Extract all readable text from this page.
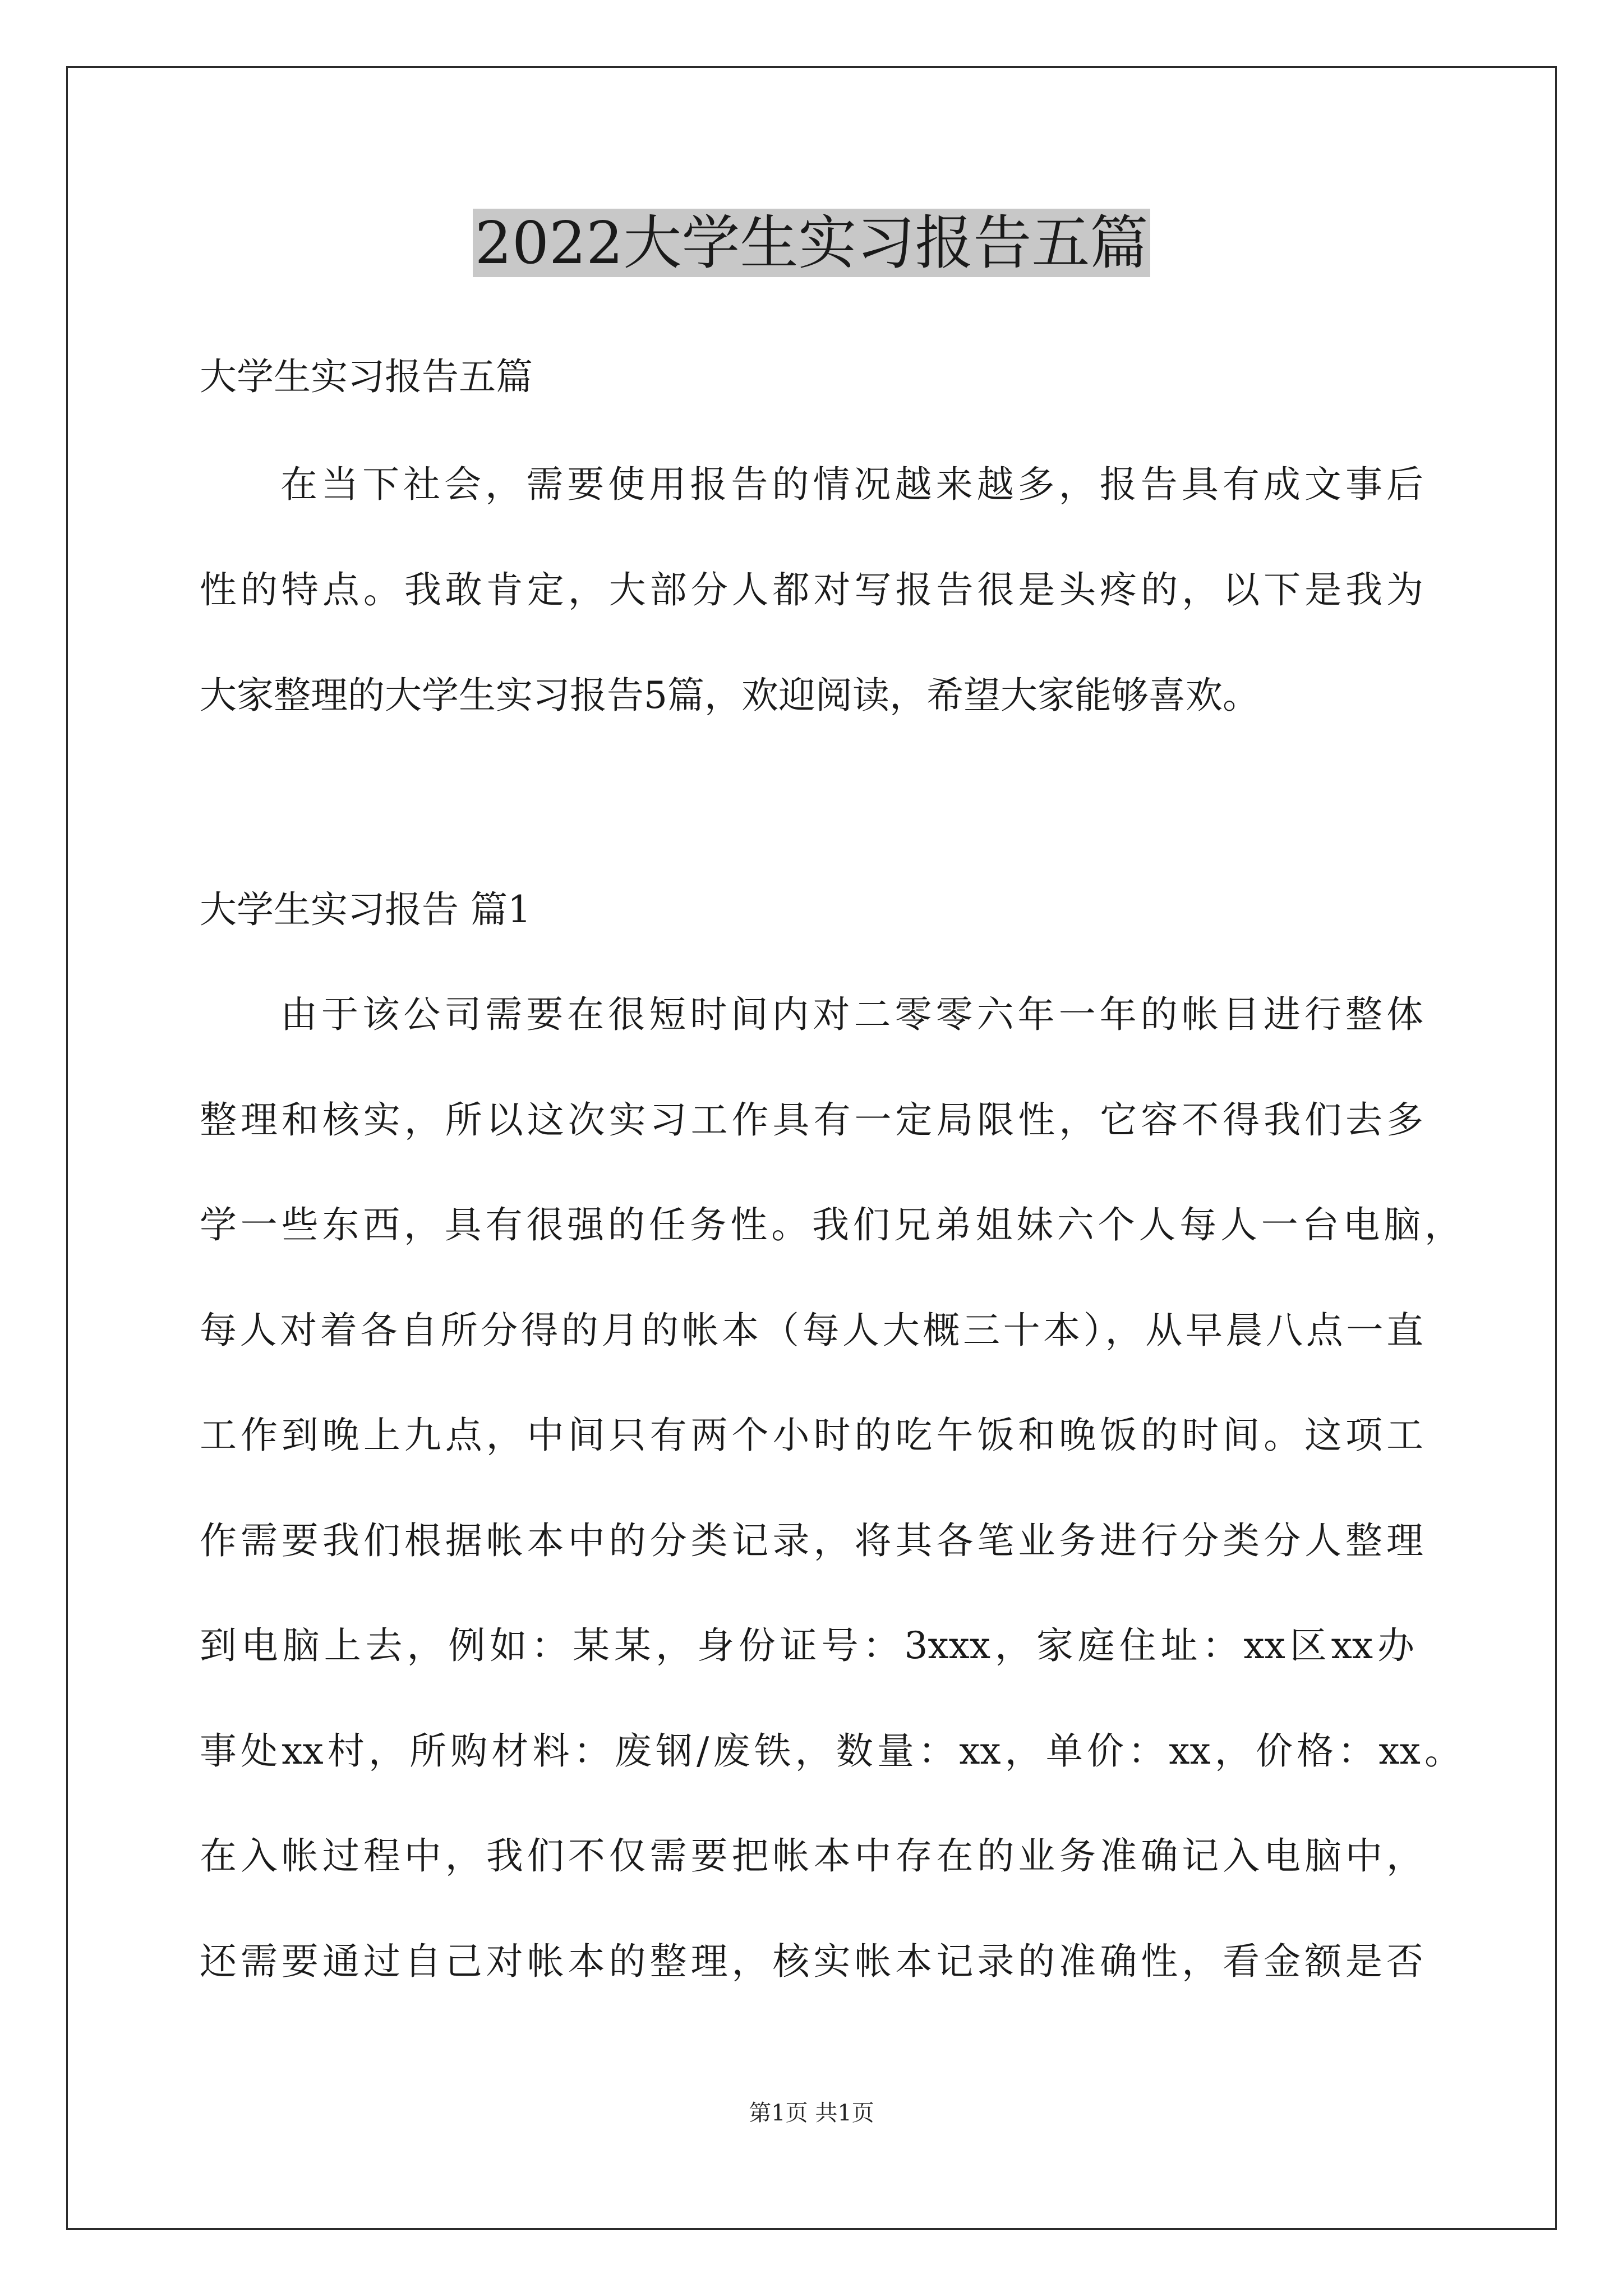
2022大学生实习报告五篇
大学生实习报告五篇
在当下社会，需要使用报告的情况越来越多，报告具有成文事后
性的特点。我敢肯定，大部分人都对写报告很是头疼的，以下是我为
大家整理的大学生实习报告5篇，欢迎阅读，希望大家能够喜欢。
大学生实习报告 篇1
由于该公司需要在很短时间内对二零零六年一年的帐目进行整体
整理和核实，所以这次实习工作具有一定局限性，它容不得我们去多
学一些东西，具有很强的任务性。我们兄弟姐妹六个人每人一台电脑，
每人对着各自所分得的月的帐本（每人大概三十本），从早晨八点一直
工作到晚上九点，中间只有两个小时的吃午饭和晚饭的时间。这项工
作需要我们根据帐本中的分类记录，将其各笔业务进行分类分人整理
到电脑上去，例如：某某，身份证号：3xxx，家庭住址：xx区xx办
事处xx村，所购材料：废钢/废铁，数量：xx，单价：xx，价格：xx。
在入帐过程中，我们不仅需要把帐本中存在的业务准确记入电脑中，
还需要通过自己对帐本的整理，核实帐本记录的准确性，看金额是否
第1页 共1页
